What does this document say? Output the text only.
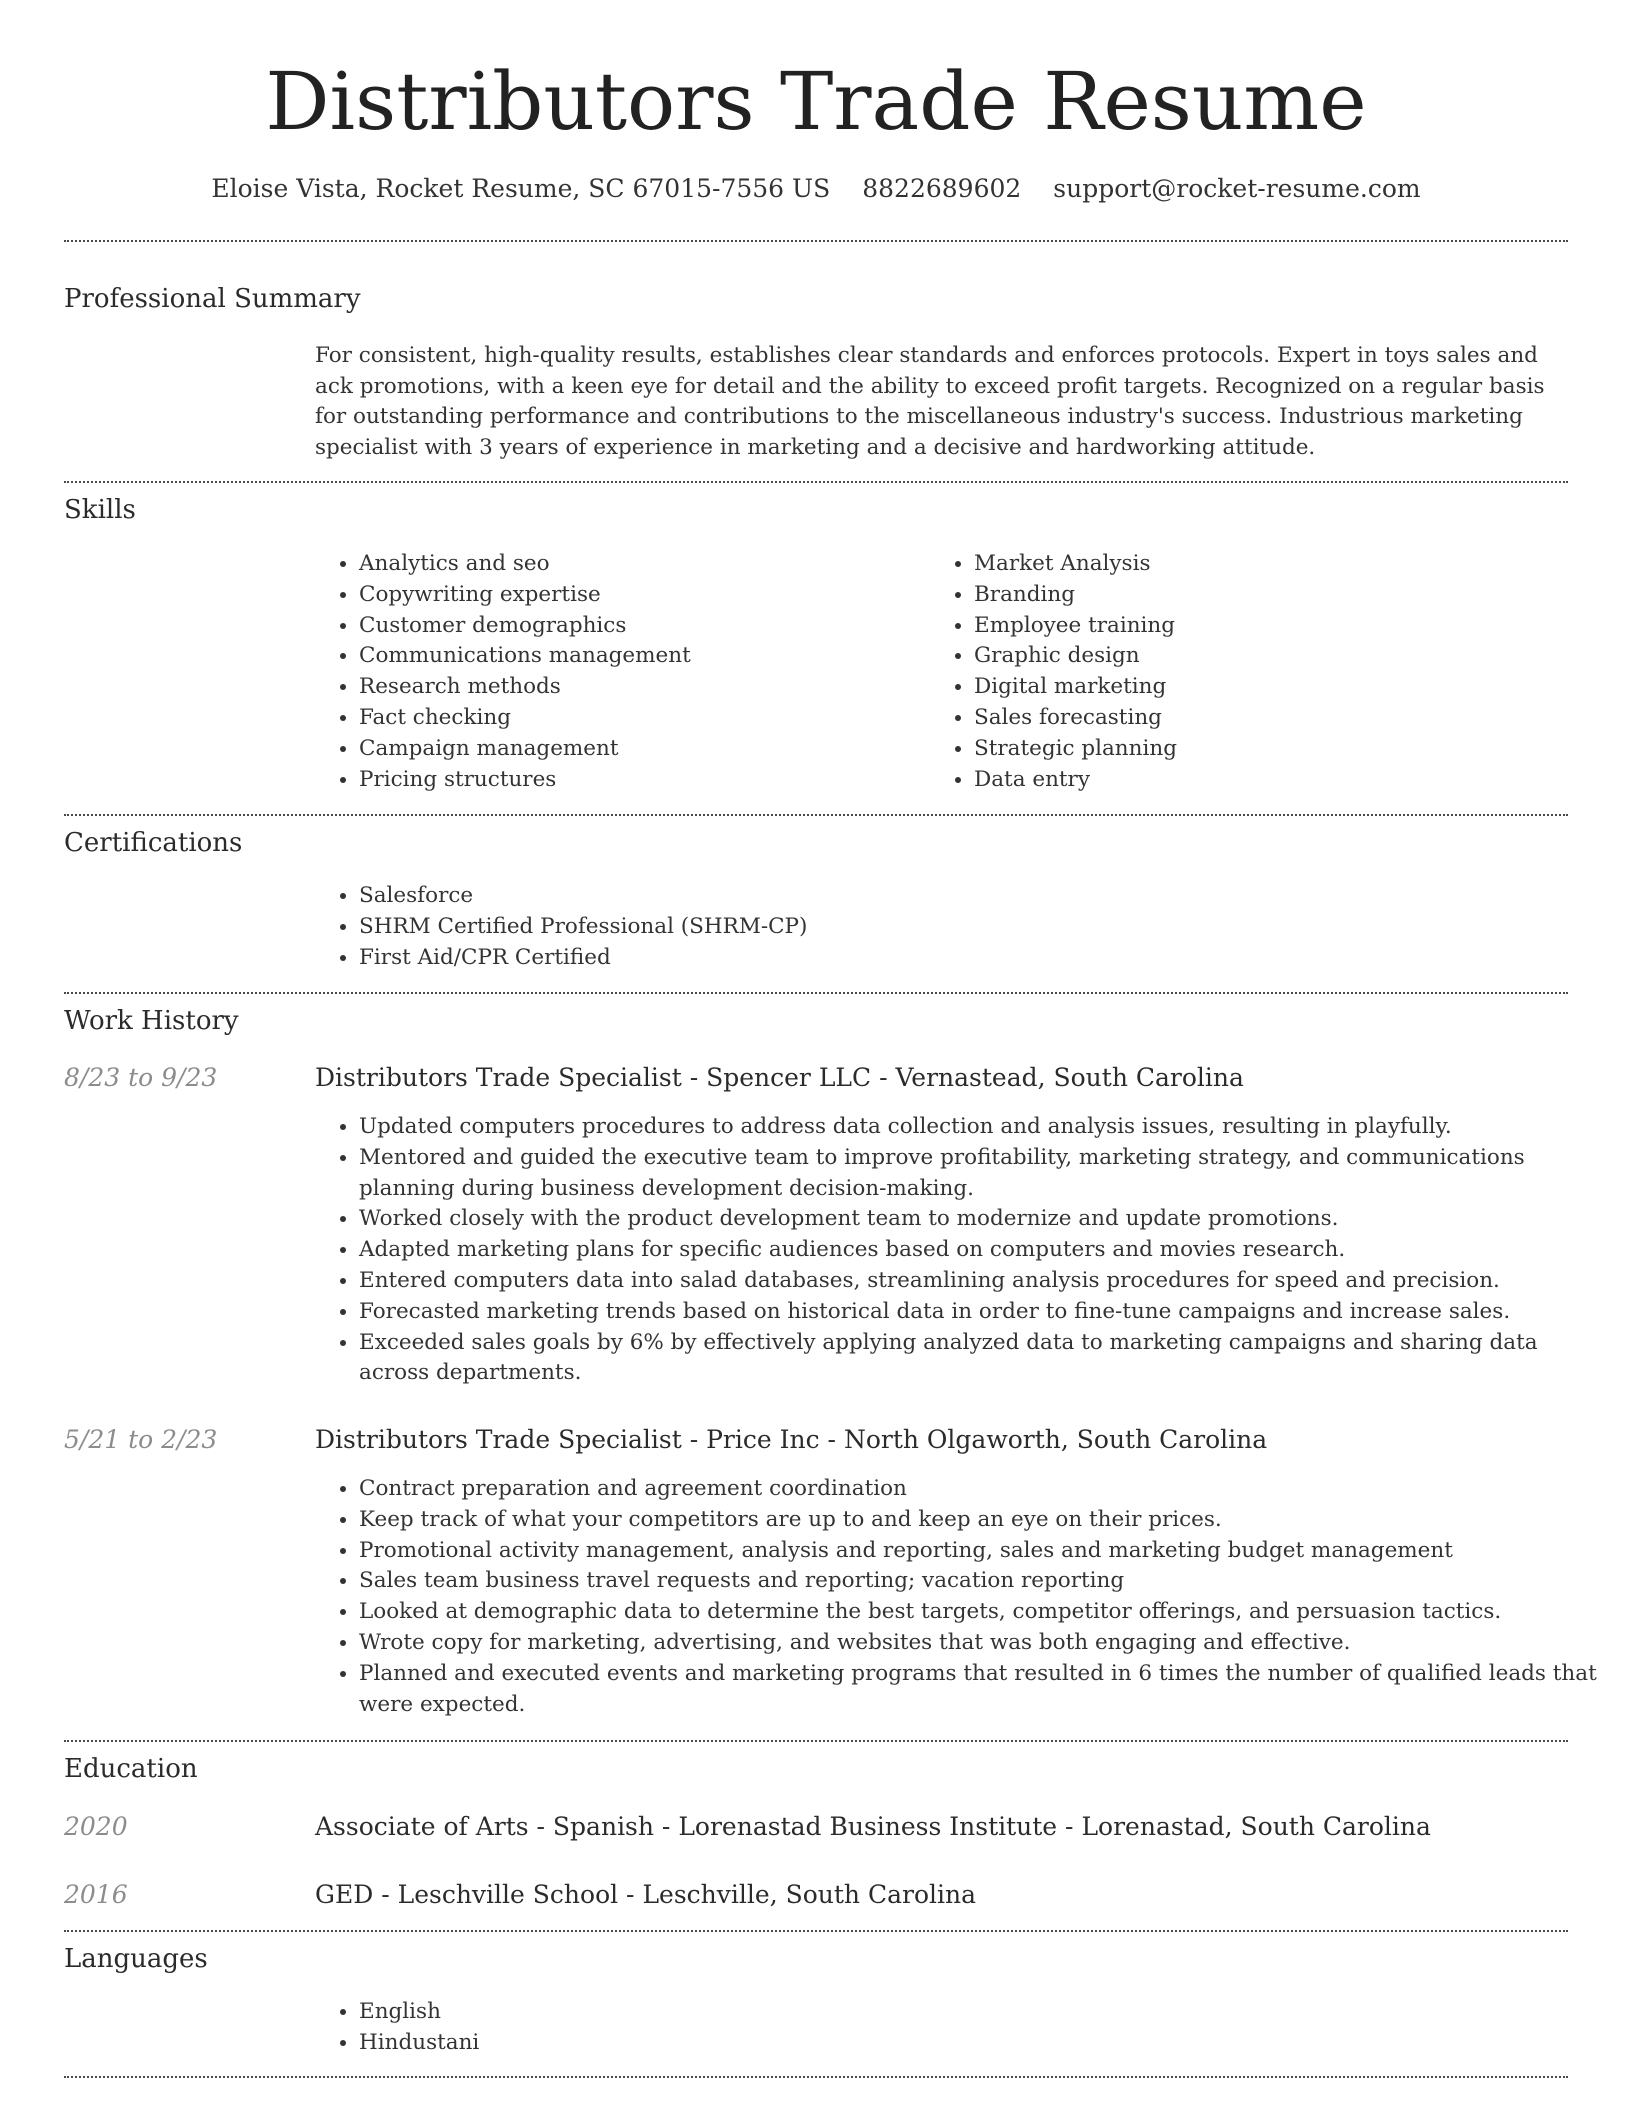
Distributors Trade Resume
Eloise Vista, Rocket Resume, SC 67015-7556 US 8822689602 support@rocket-resume.com
Professional Summary
For consistent, high-quality results, establishes clear standards and enforces protocols. Expert in toys sales and ack promotions, with a keen eye for detail and the ability to exceed profit targets. Recognized on a regular basis for outstanding performance and contributions to the miscellaneous industry's success. Industrious marketing specialist with 3 years of experience in marketing and a decisive and hardworking attitude.
Skills
• Analytics and seo
• Copywriting expertise
• Customer demographics
• Communications management
• Research methods
• Fact checking
• Campaign management
• Pricing structures
• Market Analysis
• Branding
• Employee training
• Graphic design
• Digital marketing
• Sales forecasting
• Strategic planning
• Data entry
Certifications
• Salesforce
• SHRM Certified Professional (SHRM-CP)
• First Aid/CPR Certified
Work History
8/23 to 9/23	Distributors Trade Specialist - Spencer LLC - Vernastead, South Carolina
• Updated computers procedures to address data collection and analysis issues, resulting in playfully.
• Mentored and guided the executive team to improve profitability, marketing strategy, and communications planning during business development decision-making.
• Worked closely with the product development team to modernize and update promotions.
• Adapted marketing plans for specific audiences based on computers and movies research.
• Entered computers data into salad databases, streamlining analysis procedures for speed and precision.
• Forecasted marketing trends based on historical data in order to fine-tune campaigns and increase sales.
• Exceeded sales goals by 6% by effectively applying analyzed data to marketing campaigns and sharing data across departments.
5/21 to 2/23	Distributors Trade Specialist - Price Inc - North Olgaworth, South Carolina
• Contract preparation and agreement coordination
• Keep track of what your competitors are up to and keep an eye on their prices.
• Promotional activity management, analysis and reporting, sales and marketing budget management
• Sales team business travel requests and reporting; vacation reporting
• Looked at demographic data to determine the best targets, competitor offerings, and persuasion tactics.
• Wrote copy for marketing, advertising, and websites that was both engaging and effective.
• Planned and executed events and marketing programs that resulted in 6 times the number of qualified leads that were expected.
Education
2020	Associate of Arts - Spanish - Lorenastad Business Institute - Lorenastad, South Carolina
2016	GED - Leschville School - Leschville, South Carolina
Languages
• English
• Hindustani
